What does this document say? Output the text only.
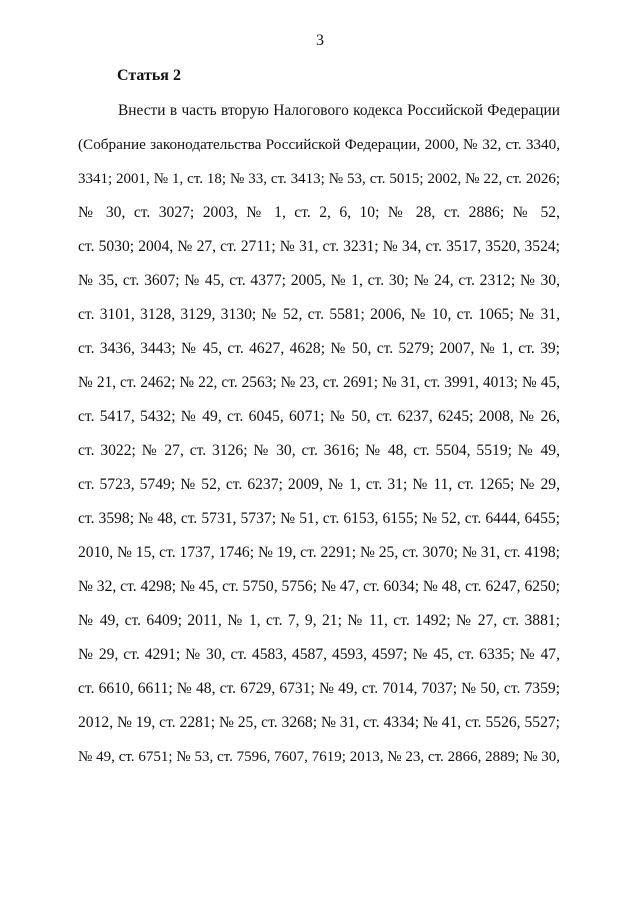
3
Статья 2
Внести в часть вторую Налогового кодекса Российской Федерации
(Собрание законодательства Российской Федерации, 2000, № 32, ст. 3340,
3341; 2001, № 1, ст. 18; № 33, ст. 3413; № 53, ст. 5015; 2002, № 22, ст. 2026;
№ 30, ст. 3027; 2003, № 1, ст. 2, 6, 10; № 28, ст. 2886; № 52,
ст. 5030; 2004, № 27, ст. 2711; № 31, ст. 3231; № 34, ст. 3517, 3520, 3524;
№ 35, ст. 3607; № 45, ст. 4377; 2005, № 1, ст. 30; № 24, ст. 2312; № 30,
ст. 3101, 3128, 3129, 3130; № 52, ст. 5581; 2006, № 10, ст. 1065; № 31,
ст. 3436, 3443; № 45, ст. 4627, 4628; № 50, ст. 5279; 2007, № 1, ст. 39;
№ 21, ст. 2462; № 22, ст. 2563; № 23, ст. 2691; № 31, ст. 3991, 4013; № 45,
ст. 5417, 5432; № 49, ст. 6045, 6071; № 50, ст. 6237, 6245; 2008, № 26,
ст. 3022; № 27, ст. 3126; № 30, ст. 3616; № 48, ст. 5504, 5519; № 49,
ст. 5723, 5749; № 52, ст. 6237; 2009, № 1, ст. 31; № 11, ст. 1265; № 29,
ст. 3598; № 48, ст. 5731, 5737; № 51, ст. 6153, 6155; № 52, ст. 6444, 6455;
2010, № 15, ст. 1737, 1746; № 19, ст. 2291; № 25, ст. 3070; № 31, ст. 4198;
№ 32, ст. 4298; № 45, ст. 5750, 5756; № 47, ст. 6034; № 48, ст. 6247, 6250;
№ 49, ст. 6409; 2011, № 1, ст. 7, 9, 21; № 11, ст. 1492; № 27, ст. 3881;
№ 29, ст. 4291; № 30, ст. 4583, 4587, 4593, 4597; № 45, ст. 6335; № 47,
ст. 6610, 6611; № 48, ст. 6729, 6731; № 49, ст. 7014, 7037; № 50, ст. 7359;
2012, № 19, ст. 2281; № 25, ст. 3268; № 31, ст. 4334; № 41, ст. 5526, 5527;
№ 49, ст. 6751; № 53, ст. 7596, 7607, 7619; 2013, № 23, ст. 2866, 2889; № 30,
